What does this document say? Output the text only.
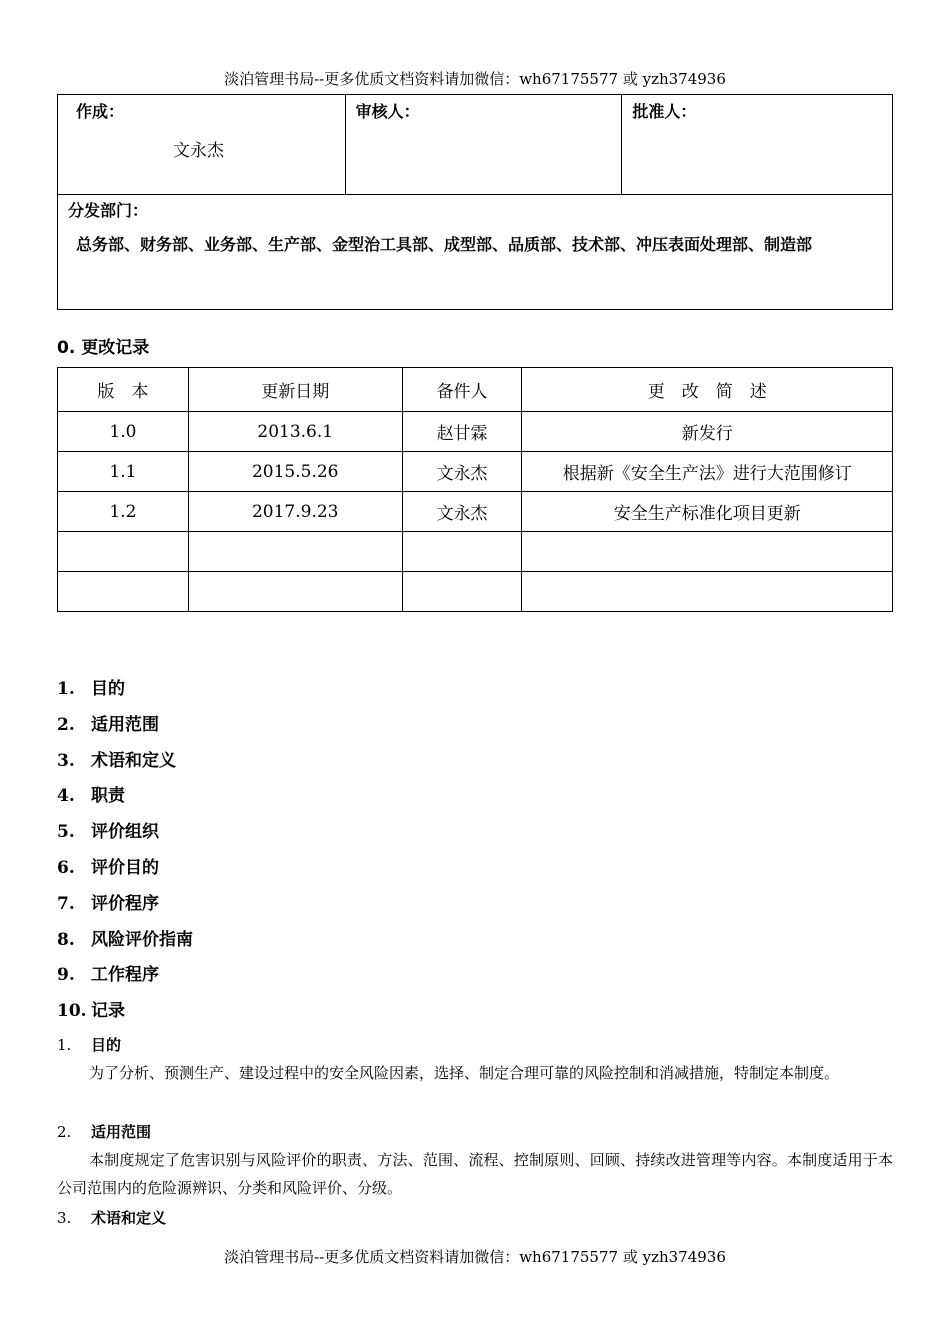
淡泊管理书局--更多优质文档资料请加微信：wh67175577 或 yzh374936
作成：
文永杰

审核人：	批准人：

分发部门：
总务部、财务部、业务部、生产部、金型治工具部、成型部、品质部、技术部、冲压表面处理部、制造部
0. 更改记录
版　本	更新日期	备件人	更　改　简　述
1.0	2013.6.1	赵甘霖	新发行
1.1	2015.5.26	文永杰	根据新《安全生产法》进行大范围修订
1.2	2017.9.23	文永杰	安全生产标准化项目更新

1. 目的
2. 适用范围
3. 术语和定义
4. 职责
5. 评价组织
6. 评价目的
7. 评价程序
8. 风险评价指南
9. 工作程序
10. 记录
1. 目的
为了分析、预测生产、建设过程中的安全风险因素，选择、制定合理可靠的风险控制和消减措施，特制定本制度。
2. 适用范围
本制度规定了危害识别与风险评价的职责、方法、范围、流程、控制原则、回顾、持续改进管理等内容。本制度适用于本公司范围内的危险源辨识、分类和风险评价、分级。
3. 术语和定义
淡泊管理书局--更多优质文档资料请加微信：wh67175577 或 yzh374936
